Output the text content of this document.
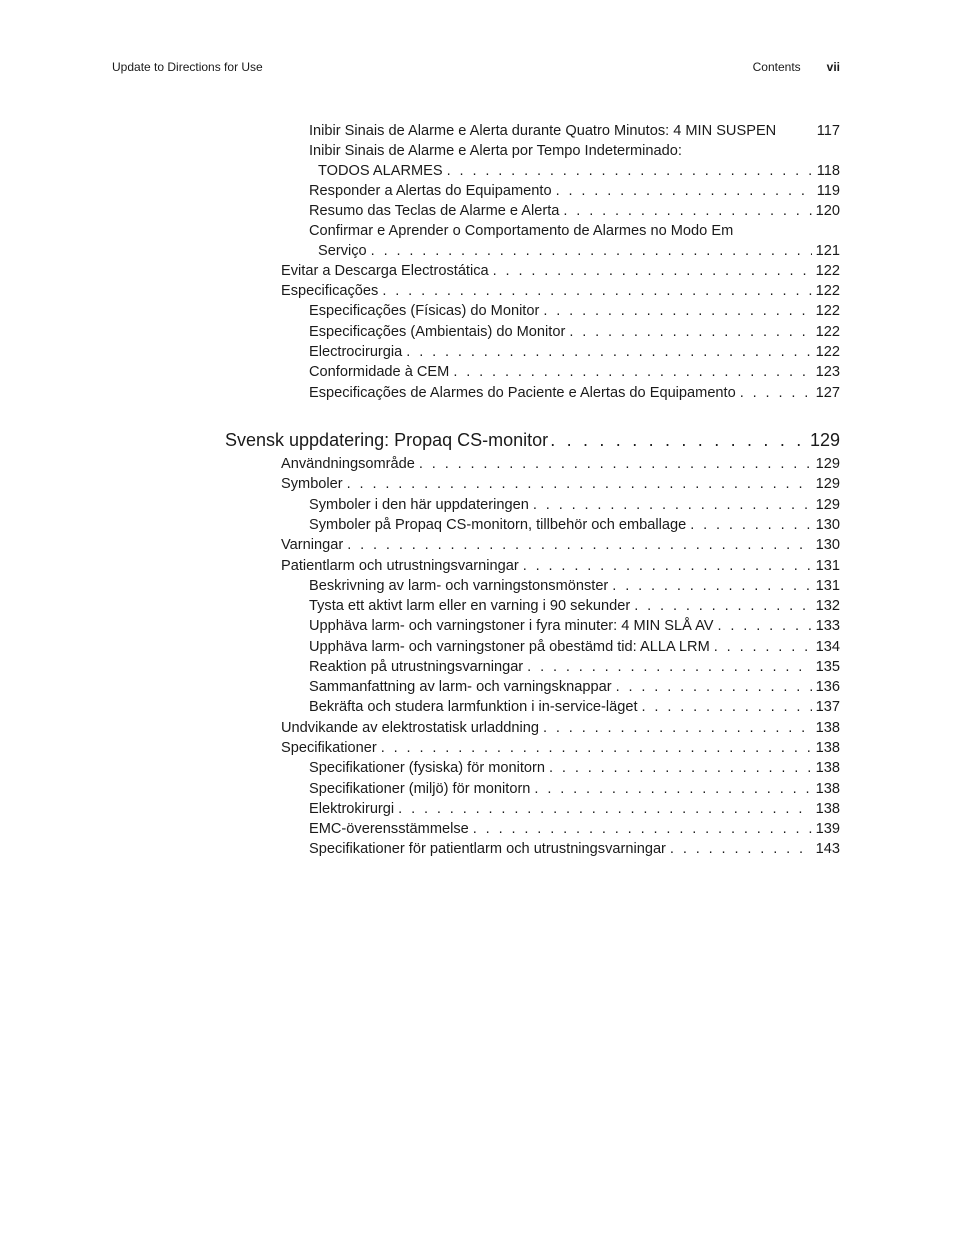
Update to Directions for Use	Contents vii
Inibir Sinais de Alarme e Alerta durante Quatro Minutos: 4 MIN SUSPEN	117
Inibir Sinais de Alarme e Alerta por Tempo Indeterminado:
TODOS ALARMES . . .	118
Responder a Alertas do Equipamento . . .	119
Resumo das Teclas de Alarme e Alerta . . .	120
Confirmar e Aprender o Comportamento de Alarmes no Modo Em
Serviço . . .	121
Evitar a Descarga Electrostática . . .	122
Especificações . . .	122
Especificações (Físicas) do Monitor . . .	122
Especificações (Ambientais) do Monitor . . .	122
Electrocirurgia . . .	122
Conformidade à CEM . . .	123
Especificações de Alarmes do Paciente e Alertas do Equipamento . . .	127
Svensk uppdatering: Propaq CS-monitor . . .	129
Användningsområde . . .	129
Symboler . . .	129
Symboler i den här uppdateringen . . .	129
Symboler på Propaq CS-monitorn, tillbehör och emballage . . .	130
Varningar . . .	130
Patientlarm och utrustningsvarningar . . .	131
Beskrivning av larm- och varningstonsmönster . . .	131
Tysta ett aktivt larm eller en varning i 90 sekunder . . .	132
Upphäva larm- och varningstoner i fyra minuter: 4 MIN SLÅ AV . . .	133
Upphäva larm- och varningstoner på obestämd tid: ALLA LRM . . .	134
Reaktion på utrustningsvarningar . . .	135
Sammanfattning av larm- och varningsknappar . . .	136
Bekräfta och studera larmfunktion i in-service-läget . . .	137
Undvikande av elektrostatisk urladdning . . .	138
Specifikationer . . .	138
Specifikationer (fysiska) för monitorn . . .	138
Specifikationer (miljö) för monitorn . . .	138
Elektrokirurgi . . .	138
EMC-överensstämmelse . . .	139
Specifikationer för patientlarm och utrustningsvarningar . . .	143
